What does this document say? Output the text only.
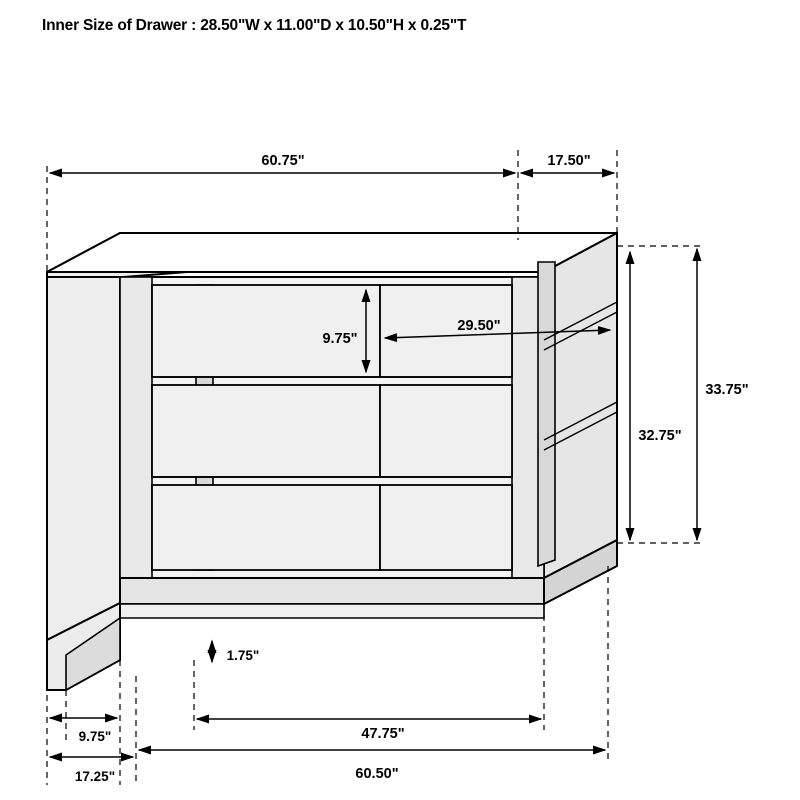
Inner Size of Drawer : 28.50"W x 11.00"D x 10.50"H x 0.25"T
60.75"	17.50"
9.75"
29.50"
33.75"
32.75"
1.75"
9.75"
17.25"
47.75"
60.50"
